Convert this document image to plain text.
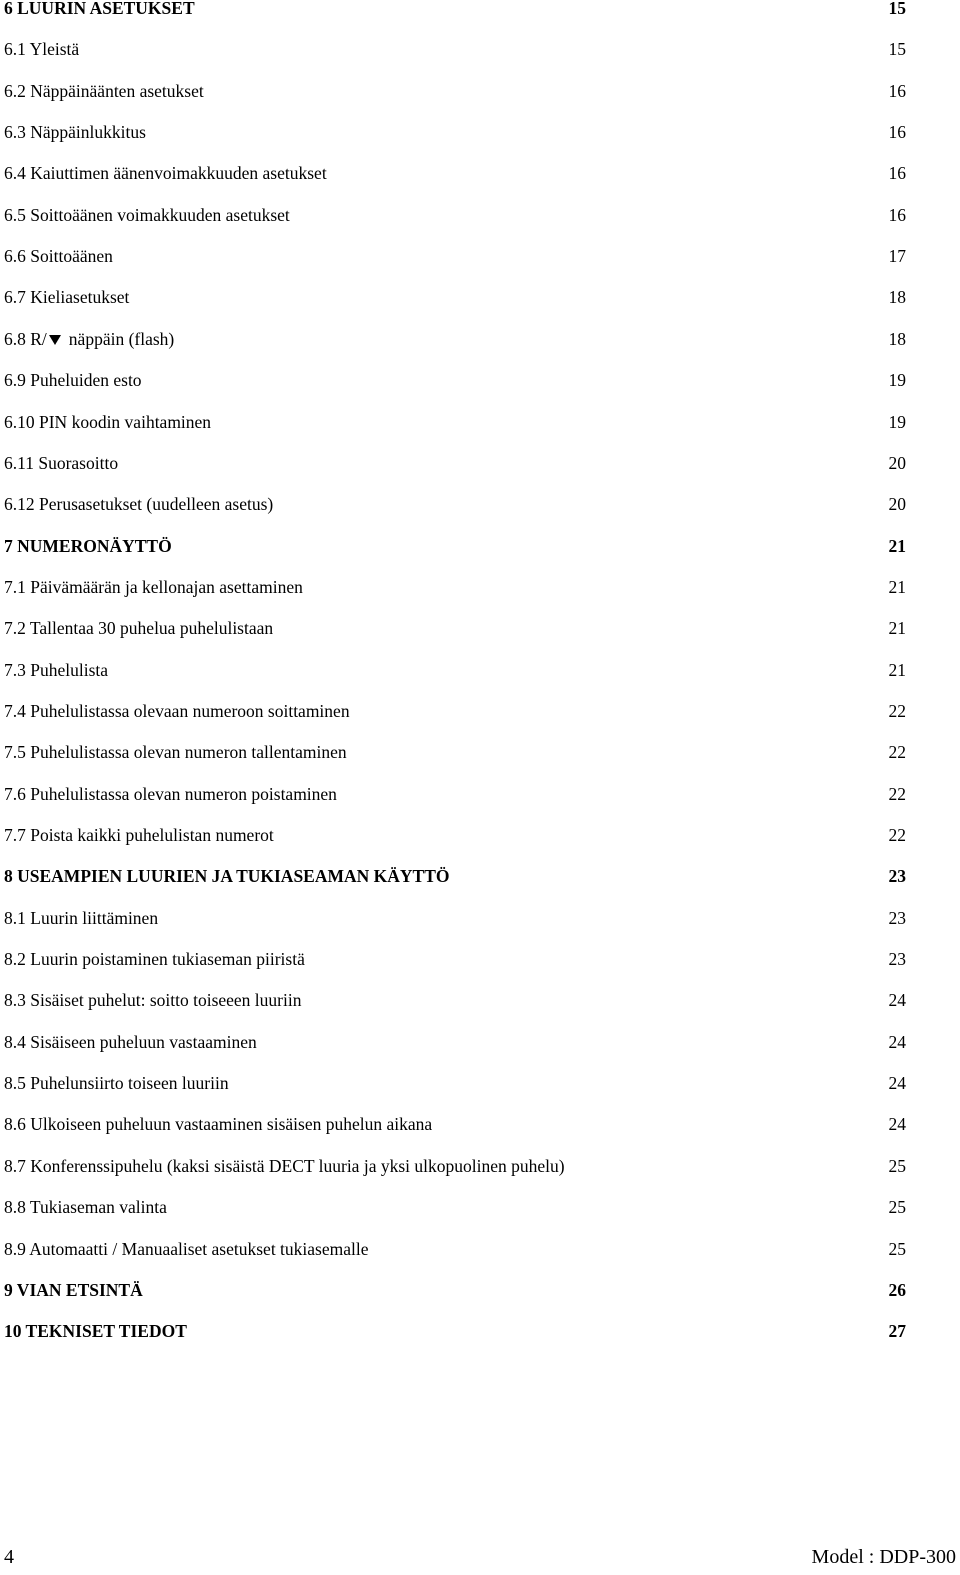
6 LUURIN ASETUKSET	15
6.1 Yleistä	15
6.2 Näppäinäänten asetukset	16
6.3 Näppäinlukkitus	16
6.4 Kaiuttimen äänenvoimakkuuden asetukset	16
6.5 Soittoäänen voimakkuuden asetukset	16
6.6 Soittoäänen	17
6.7 Kieliasetukset	18
6.8 R/ näppäin (flash)	18
6.9 Puheluiden esto	19
6.10 PIN koodin vaihtaminen	19
6.11 Suorasoitto	20
6.12 Perusasetukset (uudelleen asetus)	20
7 NUMERONÄYTTÖ	21
7.1 Päivämäärän ja kellonajan asettaminen	21
7.2 Tallentaa 30 puhelua puhelulistaan	21
7.3 Puhelulista	21
7.4 Puhelulistassa olevaan numeroon soittaminen	22
7.5 Puhelulistassa olevan numeron tallentaminen	22
7.6 Puhelulistassa olevan numeron poistaminen	22
7.7 Poista kaikki puhelulistan numerot	22
8 USEAMPIEN LUURIEN JA TUKIASEAMAN KÄYTTÖ	23
8.1 Luurin liittäminen	23
8.2 Luurin poistaminen tukiaseman piiristä	23
8.3 Sisäiset puhelut: soitto toiseeen luuriin	24
8.4 Sisäiseen puheluun vastaaminen	24
8.5 Puhelunsiirto toiseen luuriin	24
8.6 Ulkoiseen puheluun vastaaminen sisäisen puhelun aikana	24
8.7 Konferenssipuhelu (kaksi sisäistä DECT luuria ja yksi ulkopuolinen puhelu)	25
8.8 Tukiaseman valinta	25
8.9 Automaatti / Manuaaliset asetukset tukiasemalle	25
9 VIAN ETSINTÄ	26
10 TEKNISET TIEDOT	27
4	Model : DDP-300
